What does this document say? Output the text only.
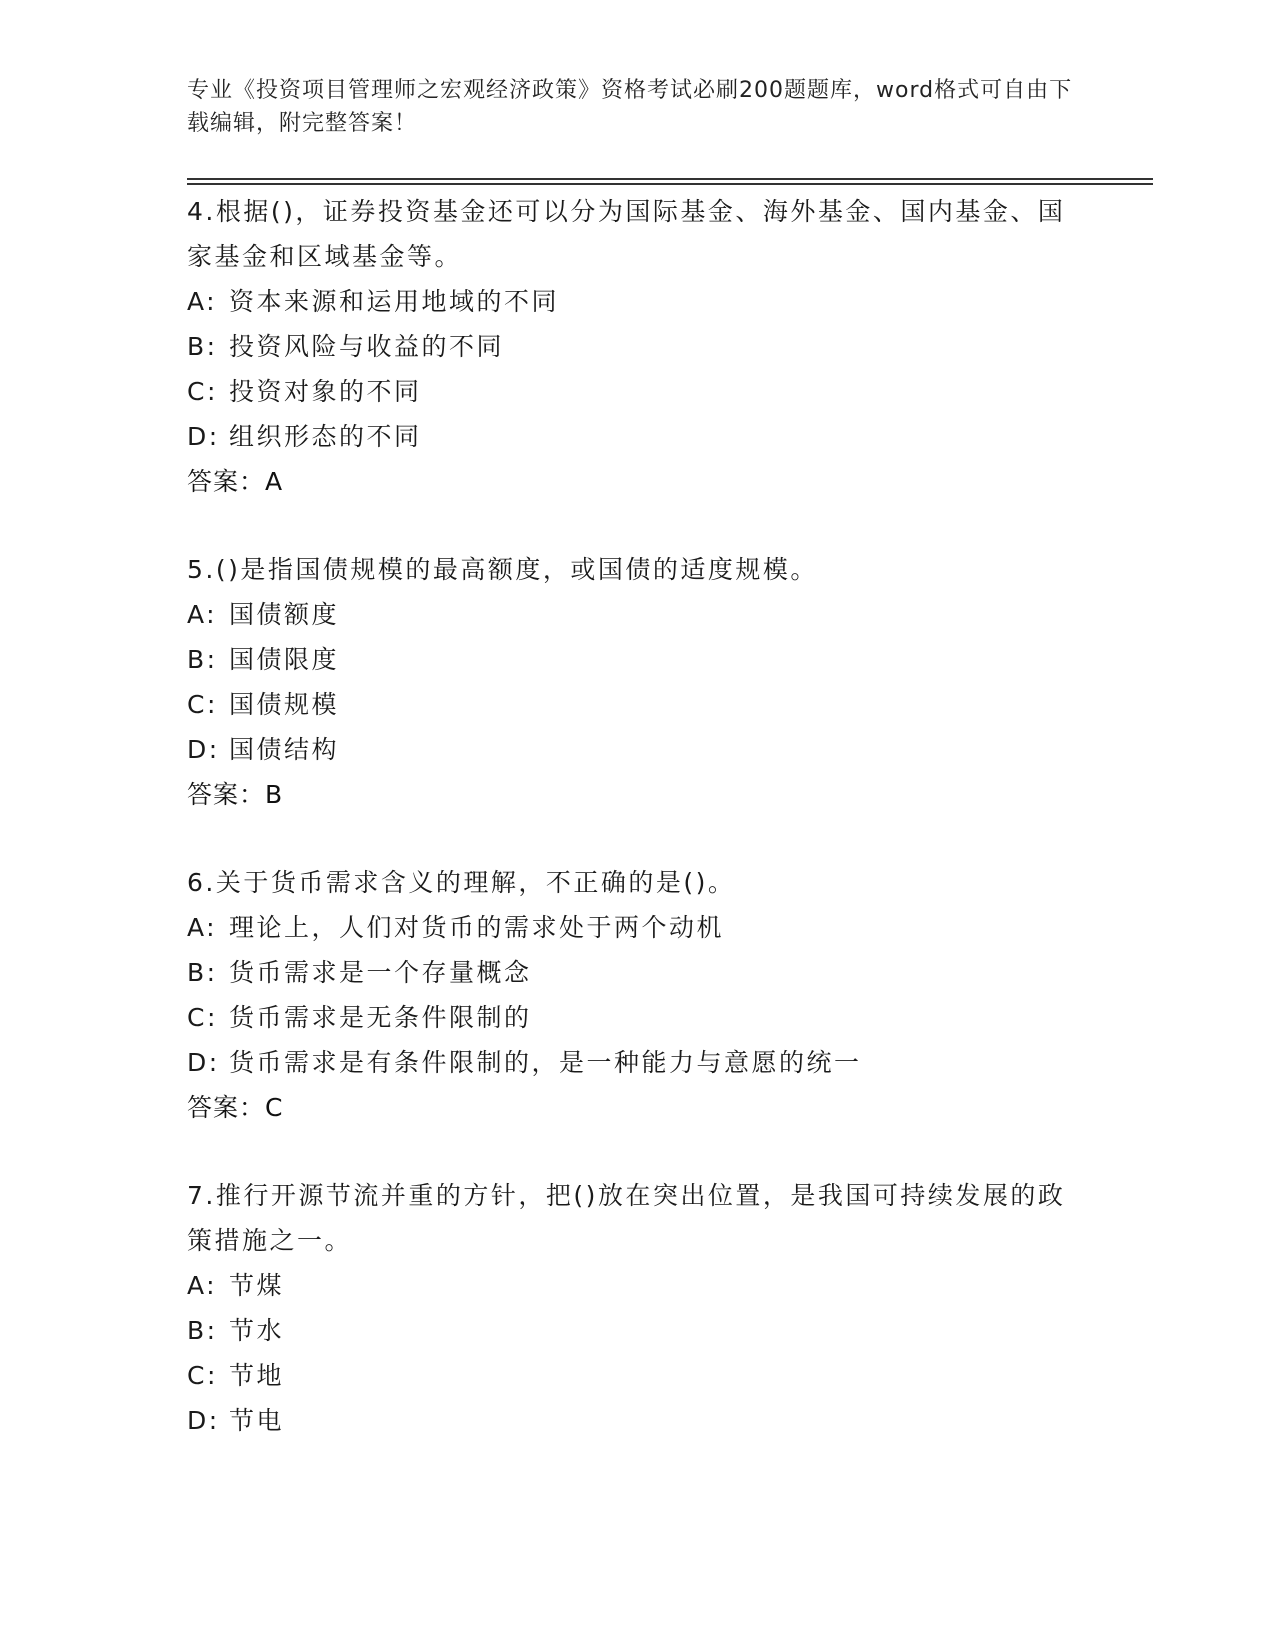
专业《投资项目管理师之宏观经济政策》资格考试必刷200题题库，word格式可自由下载编辑，附完整答案！
4.根据()，证券投资基金还可以分为国际基金、海外基金、国内基金、国家基金和区域基金等。
A: 资本来源和运用地域的不同
B: 投资风险与收益的不同
C: 投资对象的不同
D: 组织形态的不同
答案：A
5.()是指国债规模的最高额度，或国债的适度规模。
A: 国债额度
B: 国债限度
C: 国债规模
D: 国债结构
答案：B
6.关于货币需求含义的理解，不正确的是()。
A: 理论上，人们对货币的需求处于两个动机
B: 货币需求是一个存量概念
C: 货币需求是无条件限制的
D: 货币需求是有条件限制的，是一种能力与意愿的统一
答案：C
7.推行开源节流并重的方针，把()放在突出位置，是我国可持续发展的政策措施之一。
A: 节煤
B: 节水
C: 节地
D: 节电
